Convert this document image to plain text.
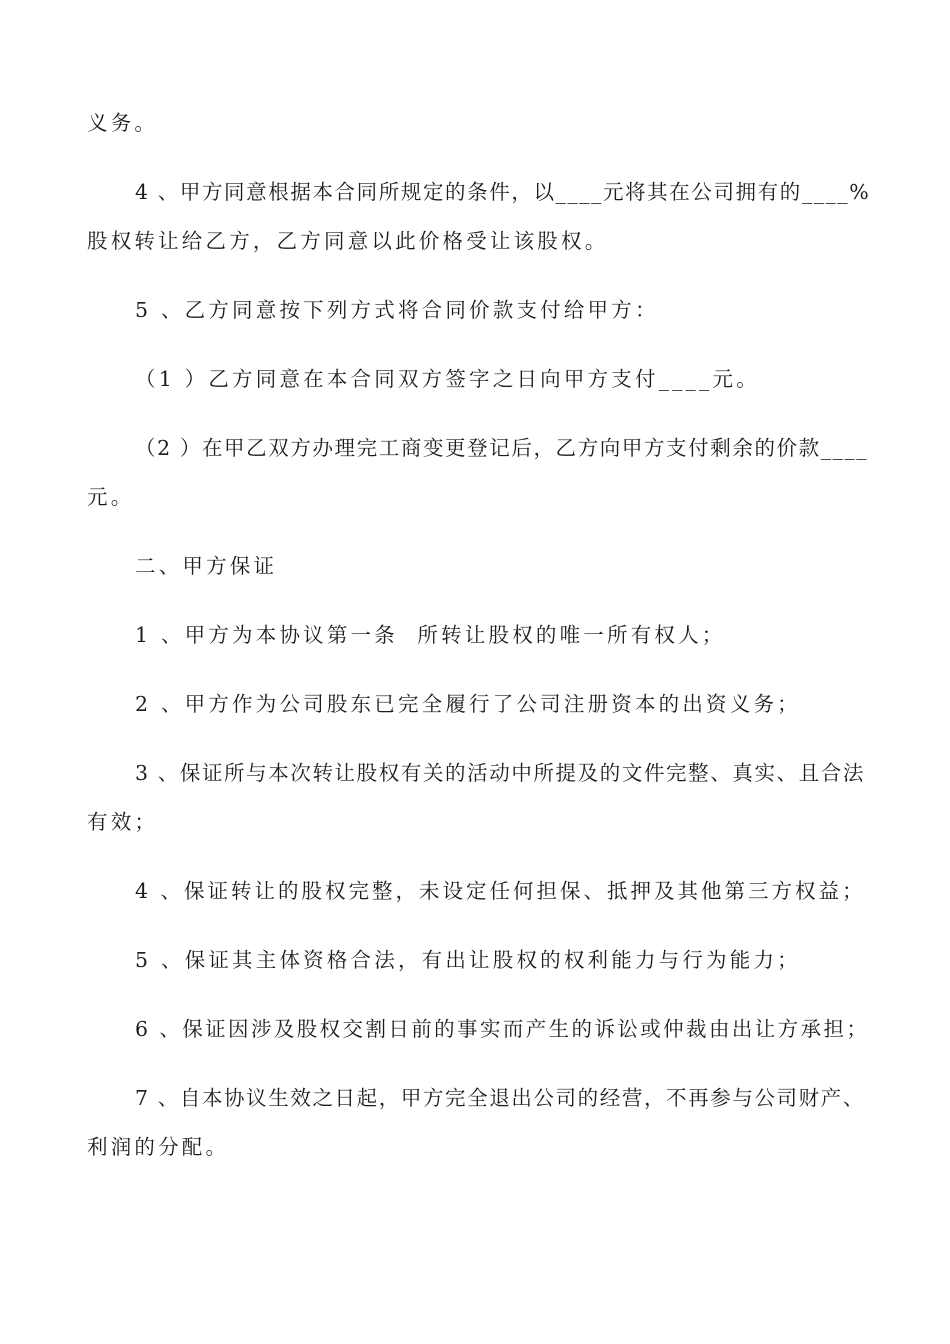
义务。

4 、甲方同意根据本合同所规定的条件，以____元将其在公司拥有的____%

股权转让给乙方，乙方同意以此价格受让该股权。

5 、乙方同意按下列方式将合同价款支付给甲方：

（1 ）乙方同意在本合同双方签字之日向甲方支付____元。

（2 ）在甲乙双方办理完工商变更登记后，乙方向甲方支付剩余的价款____

元。

二、甲方保证

1 、甲方为本协议第一条  所转让股权的唯一所有权人；

2 、甲方作为公司股东已完全履行了公司注册资本的出资义务；

3 、保证所与本次转让股权有关的活动中所提及的文件完整、真实、且合法

有效；

4 、保证转让的股权完整，未设定任何担保、抵押及其他第三方权益；

5 、保证其主体资格合法，有出让股权的权利能力与行为能力；

6 、保证因涉及股权交割日前的事实而产生的诉讼或仲裁由出让方承担；

7 、自本协议生效之日起，甲方完全退出公司的经营，不再参与公司财产、

利润的分配。
